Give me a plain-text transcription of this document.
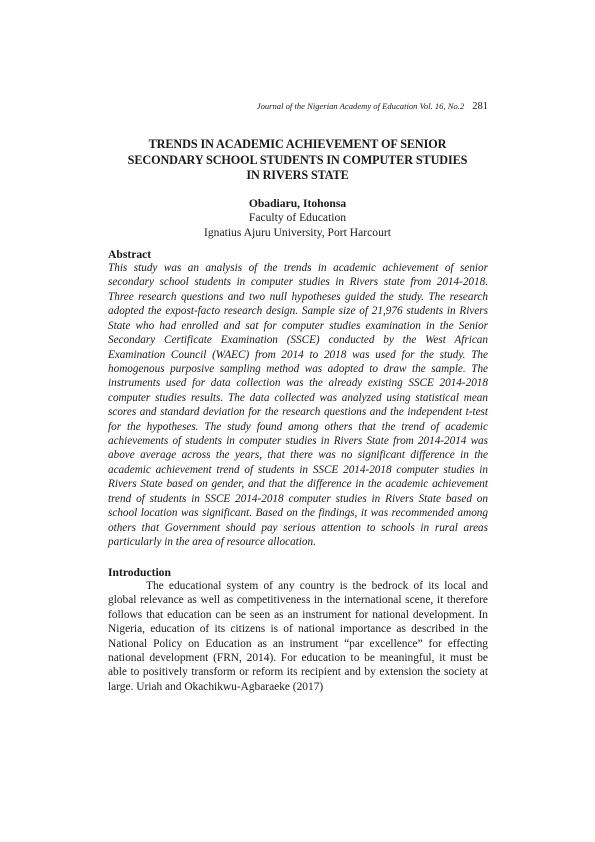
Journal of the Nigerian Academy of Education Vol. 16, No.2 281
TRENDS IN ACADEMIC ACHIEVEMENT OF SENIOR
SECONDARY SCHOOL STUDENTS IN COMPUTER STUDIES
IN RIVERS STATE
Obadiaru, Itohonsa
Faculty of Education
Ignatius Ajuru University, Port Harcourt
Abstract

This study was an analysis of the trends in academic achievement of senior secondary school students in computer studies in Rivers state from 2014-2018. Three research questions and two null hypotheses guided the study. The research adopted the expost-facto research design. Sample size of 21,976 students in Rivers State who had enrolled and sat for computer studies examination in the Senior Secondary Certificate Examination (SSCE) conducted by the West African Examination Council (WAEC) from 2014 to 2018 was used for the study. The homogenous purposive sampling method was adopted to draw the sample. The instruments used for data collection was the already existing SSCE 2014-2018 computer studies results. The data collected was analyzed using statistical mean scores and standard deviation for the research questions and the independent t-test for the hypotheses. The study found among others that the trend of academic achievements of students in computer studies in Rivers State from 2014-2014 was above average across the years, that there was no significant difference in the academic achievement trend of students in SSCE 2014-2018 computer studies in Rivers State based on gender, and that the difference in the academic achievement trend of students in SSCE 2014-2018 computer studies in Rivers State based on school location was significant. Based on the findings, it was recommended among others that Government should pay serious attention to schools in rural areas particularly in the area of resource allocation.

Introduction

The educational system of any country is the bedrock of its local and global relevance as well as competitiveness in the international scene, it therefore follows that education can be seen as an instrument for national development. In Nigeria, education of its citizens is of national importance as described in the National Policy on Education as an instrument “par excellence” for effecting national development (FRN, 2014). For education to be meaningful, it must be able to positively transform or reform its recipient and by extension the society at large. Uriah and Okachikwu-Agbaraeke (2017)
